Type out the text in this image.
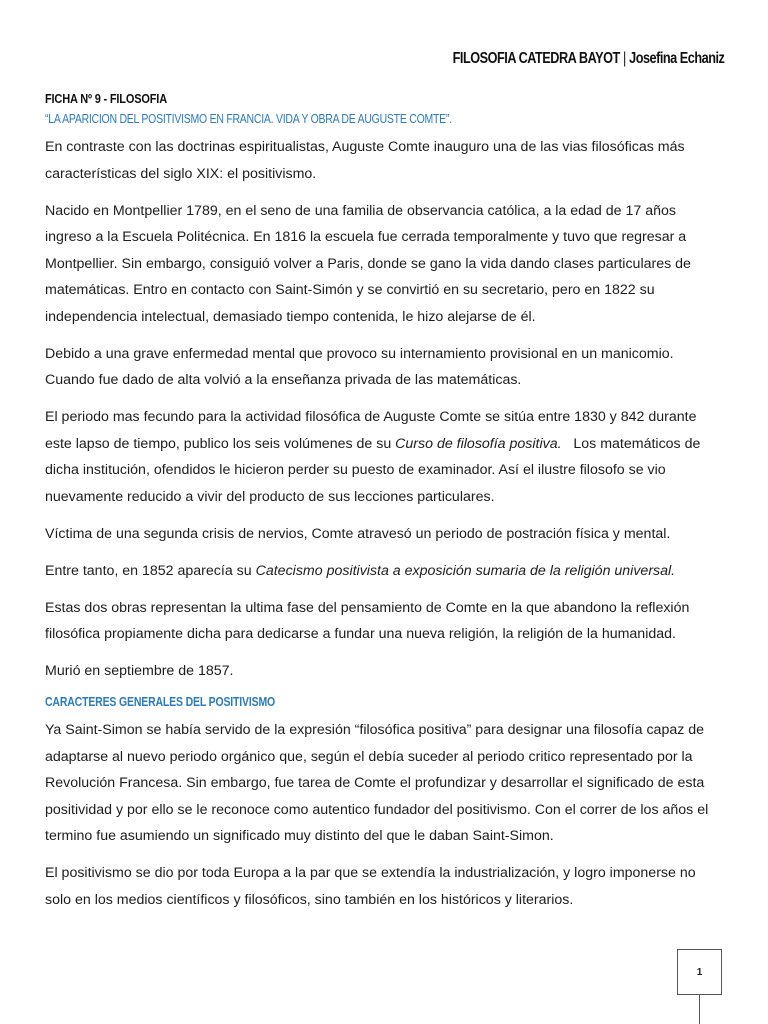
FILOSOFIA CATEDRA BAYOT | Josefina Echaniz
FICHA Nº 9 - FILOSOFIA
“LA APARICION DEL POSITIVISMO EN FRANCIA. VIDA Y OBRA DE AUGUSTE COMTE”.

En contraste con las doctrinas espiritualistas, Auguste Comte inauguro una de las vias filosóficas más características del siglo XIX: el positivismo.

Nacido en Montpellier 1789, en el seno de una familia de observancia católica, a la edad de 17 años ingreso a la Escuela Politécnica. En 1816 la escuela fue cerrada temporalmente y tuvo que regresar a Montpellier. Sin embargo, consiguió volver a Paris, donde se gano la vida dando clases particulares de matemáticas. Entro en contacto con Saint-Simón y se convirtió en su secretario, pero en 1822 su independencia intelectual, demasiado tiempo contenida, le hizo alejarse de él.

Debido a una grave enfermedad mental que provoco su internamiento provisional en un manicomio. Cuando fue dado de alta volvió a la enseñanza privada de las matemáticas.

El periodo mas fecundo para la actividad filosófica de Auguste Comte se sitúa entre 1830 y 842 durante este lapso de tiempo, publico los seis volúmenes de su Curso de filosofía positiva.   Los matemáticos de dicha institución, ofendidos le hicieron perder su puesto de examinador. Así el ilustre filosofo se vio nuevamente reducido a vivir del producto de sus lecciones particulares.

Víctima de una segunda crisis de nervios, Comte atravesó un periodo de postración física y mental.

Entre tanto, en 1852 aparecía su Catecismo positivista a exposición sumaria de la religión universal.

Estas dos obras representan la ultima fase del pensamiento de Comte en la que abandono la reflexión filosófica propiamente dicha para dedicarse a fundar una nueva religión, la religión de la humanidad.

Murió en septiembre de 1857.

CARACTERES GENERALES DEL POSITIVISMO

Ya Saint-Simon se había servido de la expresión “filosófica positiva” para designar una filosofía capaz de adaptarse al nuevo periodo orgánico que, según el debía suceder al periodo critico representado por la Revolución Francesa. Sin embargo, fue tarea de Comte el profundizar y desarrollar el significado de esta positividad y por ello se le reconoce como autentico fundador del positivismo. Con el correr de los años el termino fue asumiendo un significado muy distinto del que le daban Saint-Simon.

El positivismo se dio por toda Europa a la par que se extendía la industrialización, y logro imponerse no solo en los medios científicos y filosóficos, sino también en los históricos y literarios.

1
